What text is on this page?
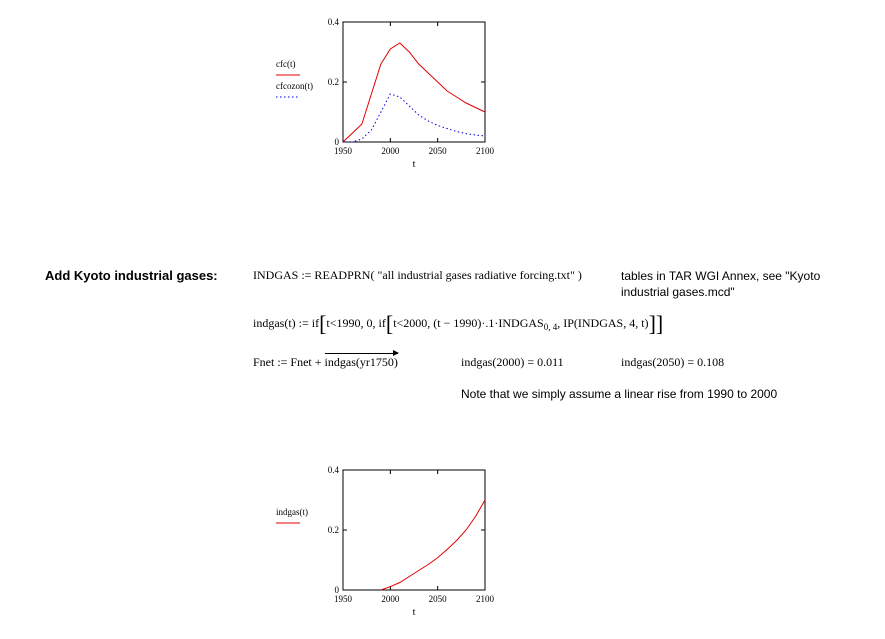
0
0.2
0.4
1950	2000	2050	2100
t
cfc(t)
cfcozon(t)
Add Kyoto industrial gases:	INDGAS := READPRN( "all industrial gases radiative forcing.txt" )	tables in TAR WGI Annex, see "Kyoto
industrial gases.mcd"
indgas(t) := if[t<1990, 0, if[t<2000, $(t - 1990)\cdot.1\cdot INDGAS_{0, 4}$, IP(INDGAS, 4, t)]]
Fnet := Fnet + indgas(yr1750)	indgas(2000) = 0.011	indgas(2050) = 0.108
Note that we simply assume a linear rise from 1990 to 2000
0
0.2
0.4
1950	2000	2050	2100
t
indgas(t)
